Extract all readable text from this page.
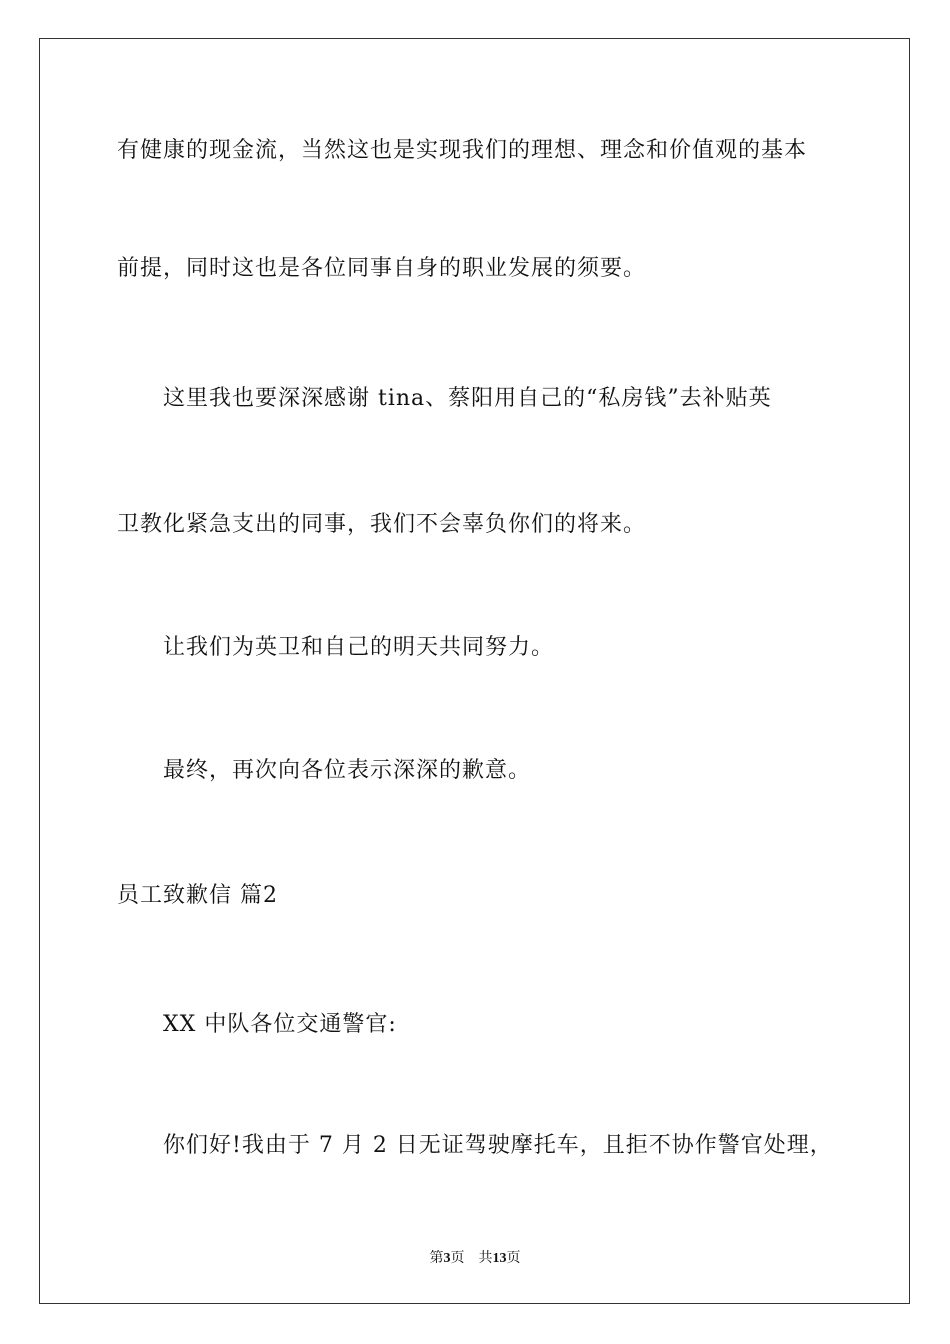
有健康的现金流，当然这也是实现我们的理想、理念和价值观的基本
前提，同时这也是各位同事自身的职业发展的须要。
这里我也要深深感谢 tina、蔡阳用自己的“私房钱”去补贴英
卫教化紧急支出的同事，我们不会辜负你们的将来。
让我们为英卫和自己的明天共同努力。
最终，再次向各位表示深深的歉意。
员工致歉信 篇2
XX 中队各位交通警官:
你们好!我由于 7 月 2 日无证驾驶摩托车，且拒不协作警官处理，
第3页 共13页
